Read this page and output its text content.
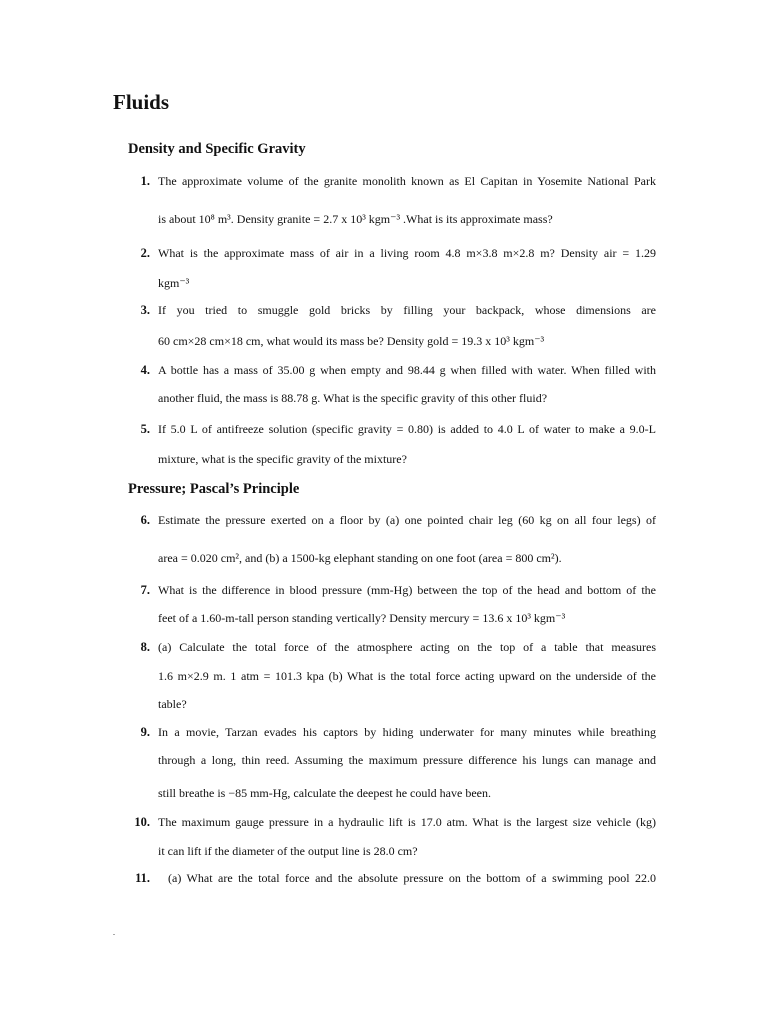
Fluids
Density and Specific Gravity
1. The approximate volume of the granite monolith known as El Capitan in Yosemite National Park
is about 10⁸ m³. Density granite = 2.7 x 10³ kgm⁻³ .What is its approximate mass?
2. What is the approximate mass of air in a living room 4.8 m×3.8 m×2.8 m? Density air = 1.29
kgm⁻³
3. If you tried to smuggle gold bricks by filling your backpack, whose dimensions are
60 cm×28 cm×18 cm, what would its mass be? Density gold = 19.3 x 10³ kgm⁻³
4. A bottle has a mass of 35.00 g when empty and 98.44 g when filled with water. When filled with
another fluid, the mass is 88.78 g. What is the specific gravity of this other fluid?
5. If 5.0 L of antifreeze solution (specific gravity = 0.80) is added to 4.0 L of water to make a 9.0-L
mixture, what is the specific gravity of the mixture?
Pressure; Pascal’s Principle
6. Estimate the pressure exerted on a floor by (a) one pointed chair leg (60 kg on all four legs) of
area = 0.020 cm², and (b) a 1500-kg elephant standing on one foot (area = 800 cm²).
7. What is the difference in blood pressure (mm-Hg) between the top of the head and bottom of the
feet of a 1.60-m-tall person standing vertically? Density mercury = 13.6 x 10³ kgm⁻³
8. (a) Calculate the total force of the atmosphere acting on the top of a table that measures
1.6 m×2.9 m. 1 atm = 101.3 kpa (b) What is the total force acting upward on the underside of the
table?
9. In a movie, Tarzan evades his captors by hiding underwater for many minutes while breathing
through a long, thin reed. Assuming the maximum pressure difference his lungs can manage and
still breathe is −85 mm-Hg, calculate the deepest he could have been.
10. The maximum gauge pressure in a hydraulic lift is 17.0 atm. What is the largest size vehicle (kg)
it can lift if the diameter of the output line is 28.0 cm?
11. (a) What are the total force and the absolute pressure on the bottom of a swimming pool 22.0
.
